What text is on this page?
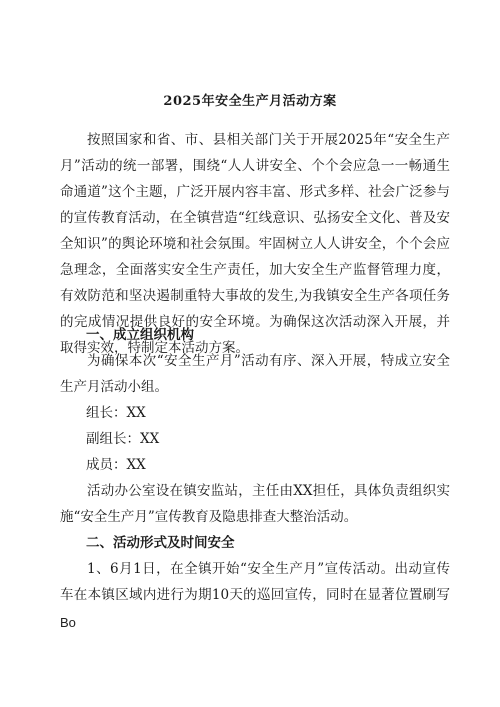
2025年安全生产月活动方案

按照国家和省、市、县相关部门关于开展2025年“安全生产月”活动的统一部署，围绕“人人讲安全、个个会应急一一畅通生命通道”这个主题，广泛开展内容丰富、形式多样、社会广泛参与的宣传教育活动，在全镇营造“红线意识、弘扬安全文化、普及安全知识”的舆论环境和社会氛围。牢固树立人人讲安全，个个会应急理念，全面落实安全生产责任，加大安全生产监督管理力度，有效防范和坚决遏制重特大事故的发生,为我镇安全生产各项任务的完成情况提供良好的安全环境。为确保这次活动深入开展，并取得实效，特制定本活动方案。

一、成立组织机构

为确保本次“安全生产月”活动有序、深入开展，特成立安全生产月活动小组。

组长：XX

副组长：XX

成员：XX

活动办公室设在镇安监站，主任由XX担任，具体负责组织实施“安全生产月”宣传教育及隐患排查大整治活动。

二、活动形式及时间安全

1、6月1日，在全镇开始“安全生产月”宣传活动。出动宣传车在本镇区域内进行为期10天的巡回宣传，同时在显著位置刷写

Bo
